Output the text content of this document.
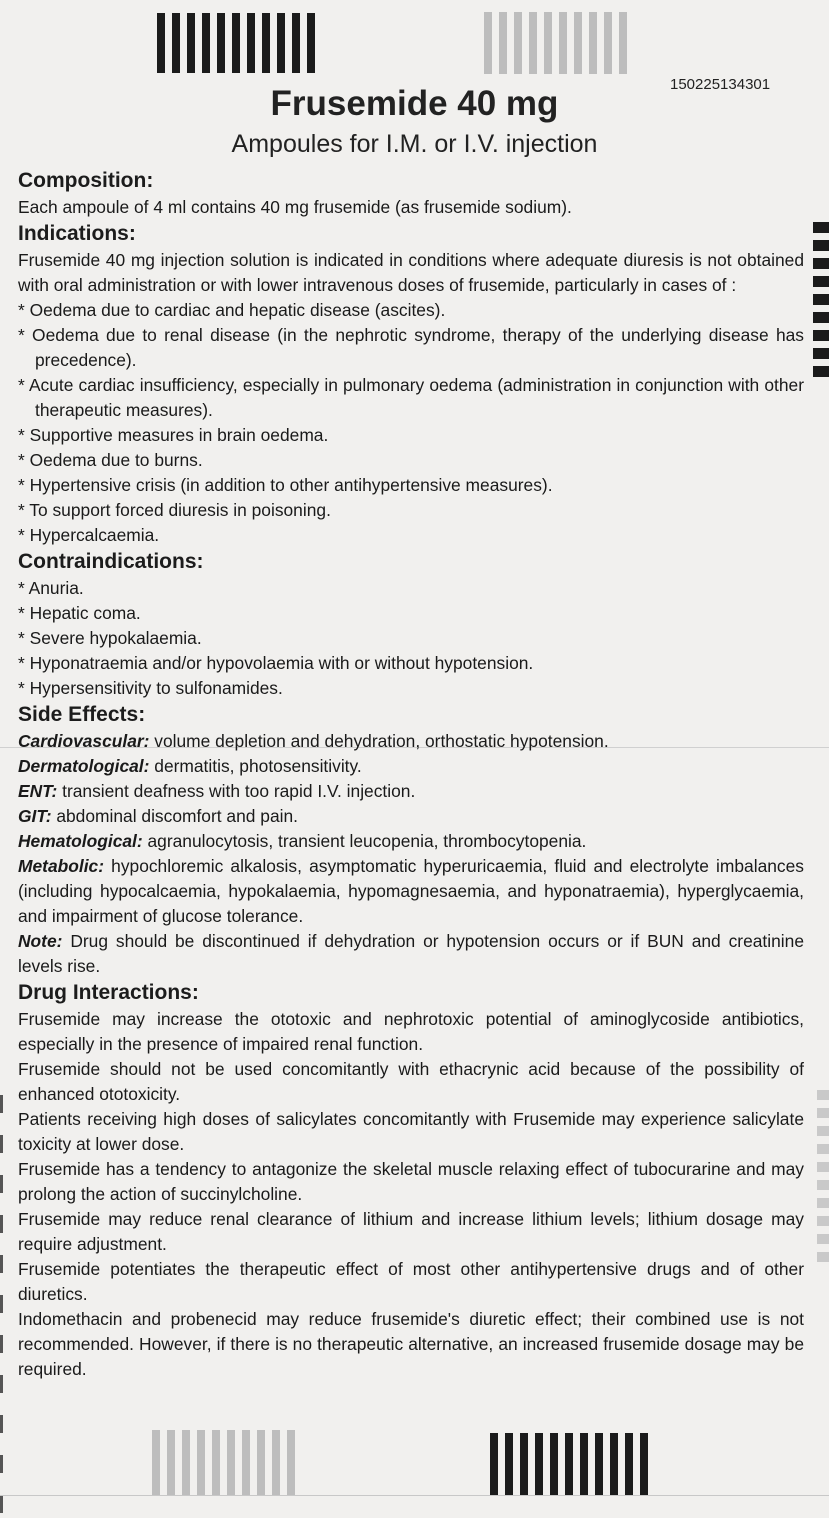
150225134301
Frusemide 40 mg
Ampoules for I.M. or I.V. injection
Composition:

Each ampoule of 4 ml contains 40 mg frusemide (as frusemide sodium).

Indications:

Frusemide 40 mg injection solution is indicated in conditions where adequate diuresis is not obtained with oral administration or with lower intravenous doses of frusemide, particularly in cases of :

* Oedema due to cardiac and hepatic disease (ascites).

* Oedema due to renal disease (in the nephrotic syndrome, therapy of the underlying disease has precedence).

* Acute cardiac insufficiency, especially in pulmonary oedema (administration in conjunction with other therapeutic measures).

* Supportive measures in brain oedema.

* Oedema due to burns.

* Hypertensive crisis (in addition to other antihypertensive measures).

* To support forced diuresis in poisoning.

* Hypercalcaemia.

Contraindications:

* Anuria.

* Hepatic coma.

* Severe hypokalaemia.

* Hyponatraemia and/or hypovolaemia with or without hypotension.

* Hypersensitivity to sulfonamides.

Side Effects:

Cardiovascular: volume depletion and dehydration, orthostatic hypotension.

Dermatological: dermatitis, photosensitivity.

ENT: transient deafness with too rapid I.V. injection.

GIT: abdominal discomfort and pain.

Hematological: agranulocytosis, transient leucopenia, thrombocytopenia.

Metabolic: hypochloremic alkalosis, asymptomatic hyperuricaemia, fluid and electrolyte imbalances (including hypocalcaemia, hypokalaemia, hypomagnesaemia, and hyponatraemia), hyperglycaemia, and impairment of glucose tolerance.

Note: Drug should be discontinued if dehydration or hypotension occurs or if BUN and creatinine levels rise.

Drug Interactions:

Frusemide may increase the ototoxic and nephrotoxic potential of aminoglycoside antibiotics, especially in the presence of impaired renal function.

Frusemide should not be used concomitantly with ethacrynic acid because of the possibility of enhanced ototoxicity.

Patients receiving high doses of salicylates concomitantly with Frusemide may experience salicylate toxicity at lower dose.

Frusemide has a tendency to antagonize the skeletal muscle relaxing effect of tubocurarine and may prolong the action of succinylcholine.

Frusemide may reduce renal clearance of lithium and increase lithium levels; lithium dosage may require adjustment.

Frusemide potentiates the therapeutic effect of most other antihypertensive drugs and of other diuretics.

Indomethacin and probenecid may reduce frusemide's diuretic effect; their combined use is not recommended. However, if there is no therapeutic alternative, an increased frusemide dosage may be required.
